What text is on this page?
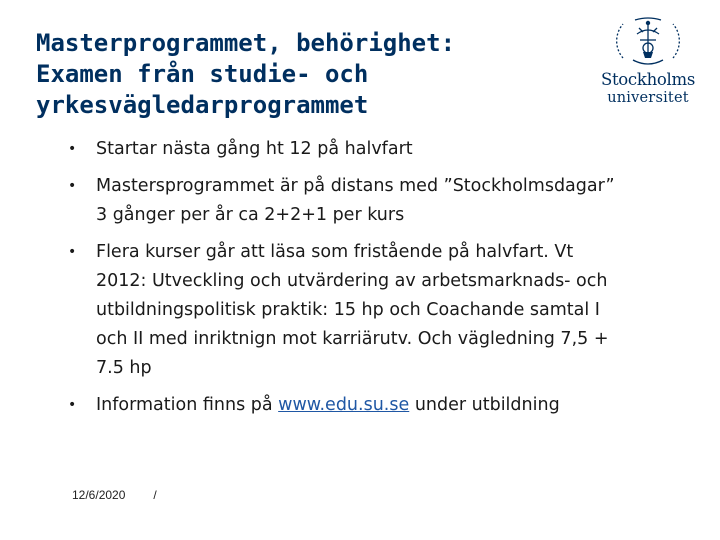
Masterprogrammet, behörighet:
Examen från studie- och
yrkesvägledarprogrammet
Stockholms
universitet
• Startar nästa gång ht 12 på halvfart
• Mastersprogrammet är på distans med ”Stockholmsdagar” 3 gånger per år ca 2+2+1 per kurs
• Flera kurser går att läsa som fristående på halvfart. Vt 2012: Utveckling och utvärdering av arbetsmarknads- och utbildningspolitisk praktik: 15 hp och Coachande samtal I och II med inriktnign mot karriärutv. Och vägledning 7,5 + 7.5 hp
• Information finns på www.edu.su.se under utbildning
12/6/2020 /
